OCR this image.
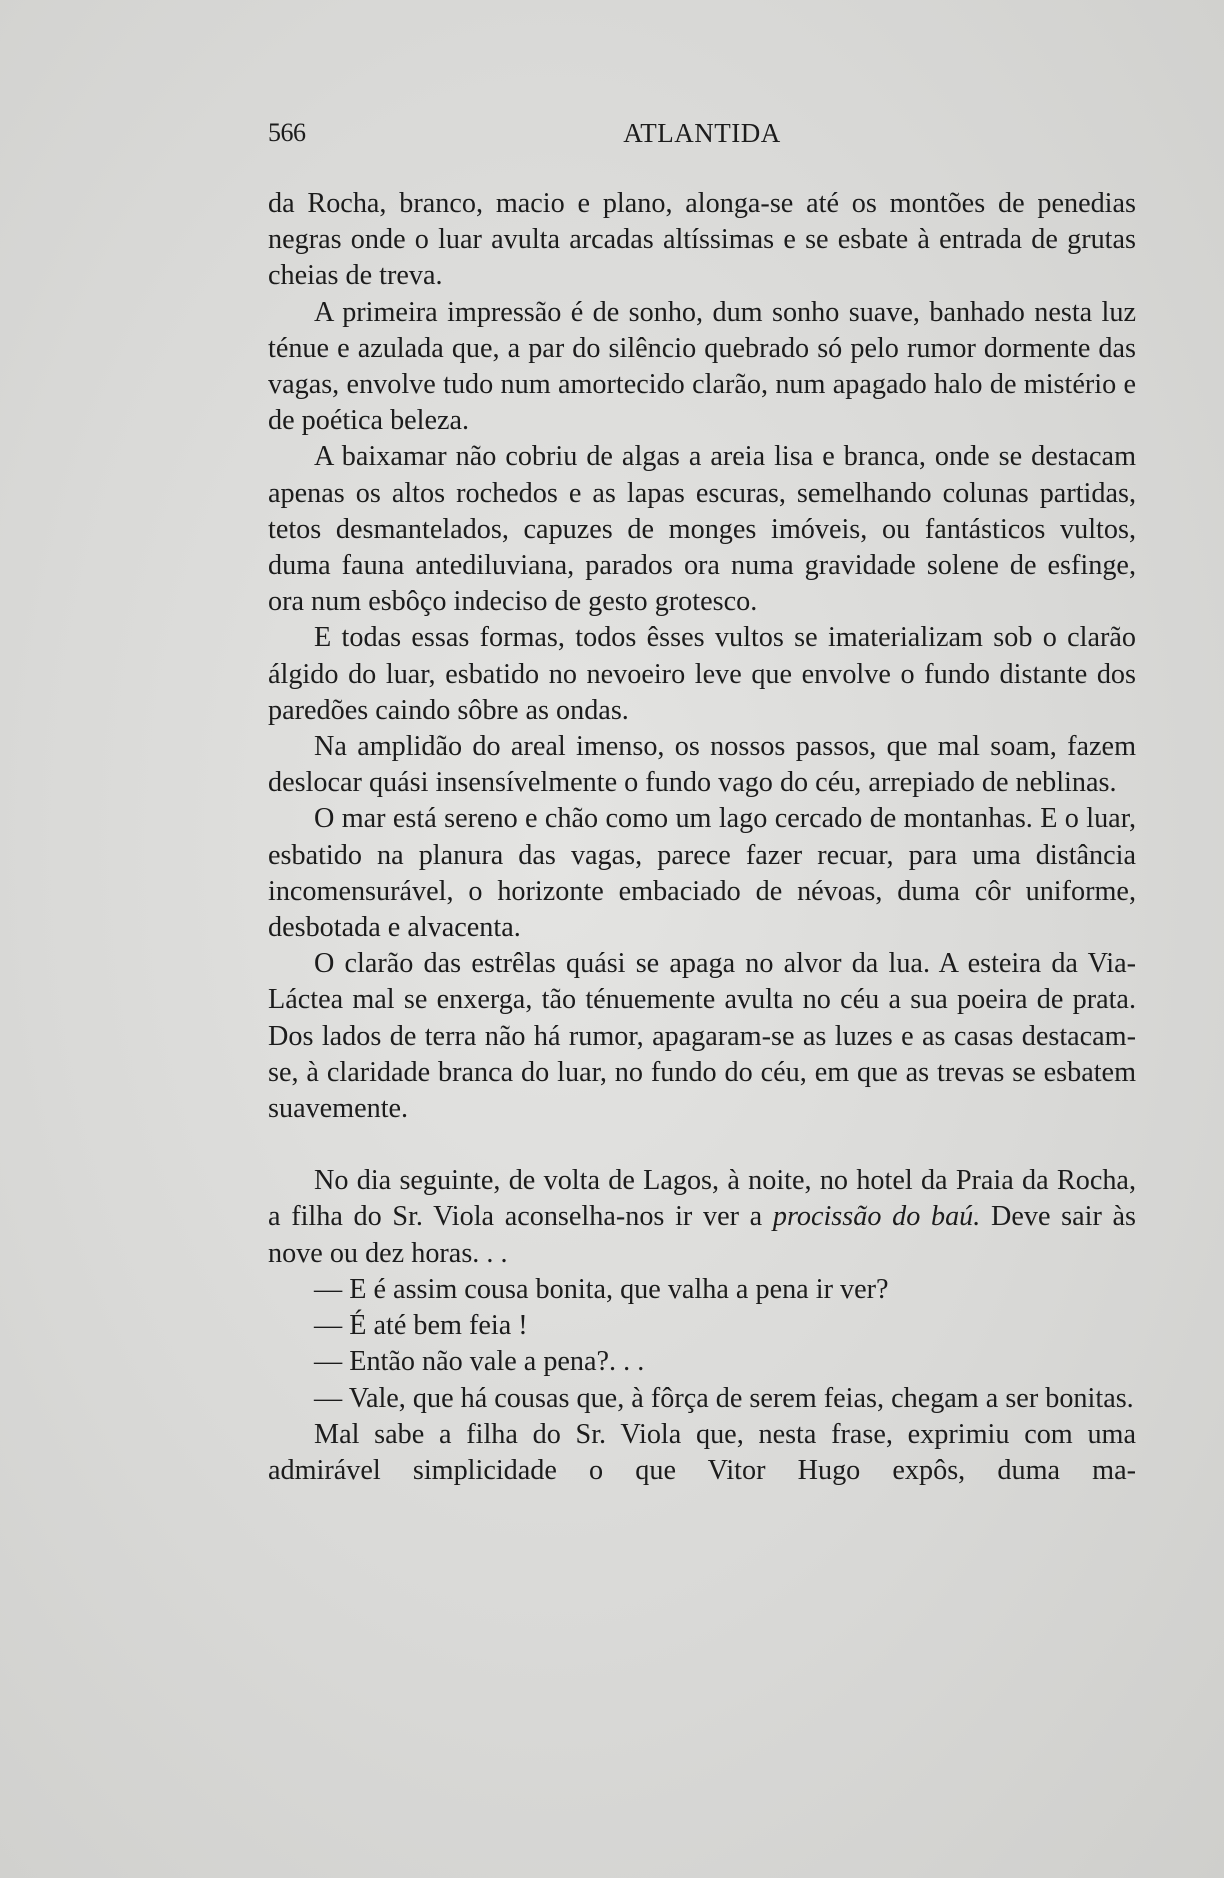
566	ATLANTIDA

da Rocha, branco, macio e plano, alonga-se até os montões de penedias negras onde o luar avulta arcadas altíssimas e se esbate à entrada de grutas cheias de treva.

A primeira impressão é de sonho, dum sonho suave, banhado nesta luz ténue e azulada que, a par do silêncio quebrado só pelo rumor dormente das vagas, envolve tudo num amortecido clarão, num apagado halo de mistério e de poética beleza.

A baixamar não cobriu de algas a areia lisa e branca, onde se destacam apenas os altos rochedos e as lapas escuras, semelhando colunas partidas, tetos desmantelados, capuzes de monges imóveis, ou fantásticos vultos, duma fauna antediluviana, parados ora numa gravidade solene de esfinge, ora num esbôço indeciso de gesto grotesco.

E todas essas formas, todos êsses vultos se imaterializam sob o clarão álgido do luar, esbatido no nevoeiro leve que envolve o fundo distante dos paredões caindo sôbre as ondas.

Na amplidão do areal imenso, os nossos passos, que mal soam, fazem deslocar quási insensívelmente o fundo vago do céu, arrepiado de neblinas.

O mar está sereno e chão como um lago cercado de montanhas. E o luar, esbatido na planura das vagas, parece fazer recuar, para uma distância incomensurável, o horizonte embaciado de névoas, duma côr uniforme, desbotada e alvacenta.

O clarão das estrêlas quási se apaga no alvor da lua. A esteira da Via-Láctea mal se enxerga, tão ténuemente avulta no céu a sua poeira de prata. Dos lados de terra não há rumor, apagaram-se as luzes e as casas destacam-se, à claridade branca do luar, no fundo do céu, em que as trevas se esbatem suavemente.

No dia seguinte, de volta de Lagos, à noite, no hotel da Praia da Rocha, a filha do Sr. Viola aconselha-nos ir ver a procissão do baú. Deve sair às nove ou dez horas. . .

— E é assim cousa bonita, que valha a pena ir ver?

— É até bem feia !

— Então não vale a pena?. . .

— Vale, que há cousas que, à fôrça de serem feias, chegam a ser bonitas.

Mal sabe a filha do Sr. Viola que, nesta frase, exprimiu com uma admirável simplicidade o que Vitor Hugo expôs, duma ma-
